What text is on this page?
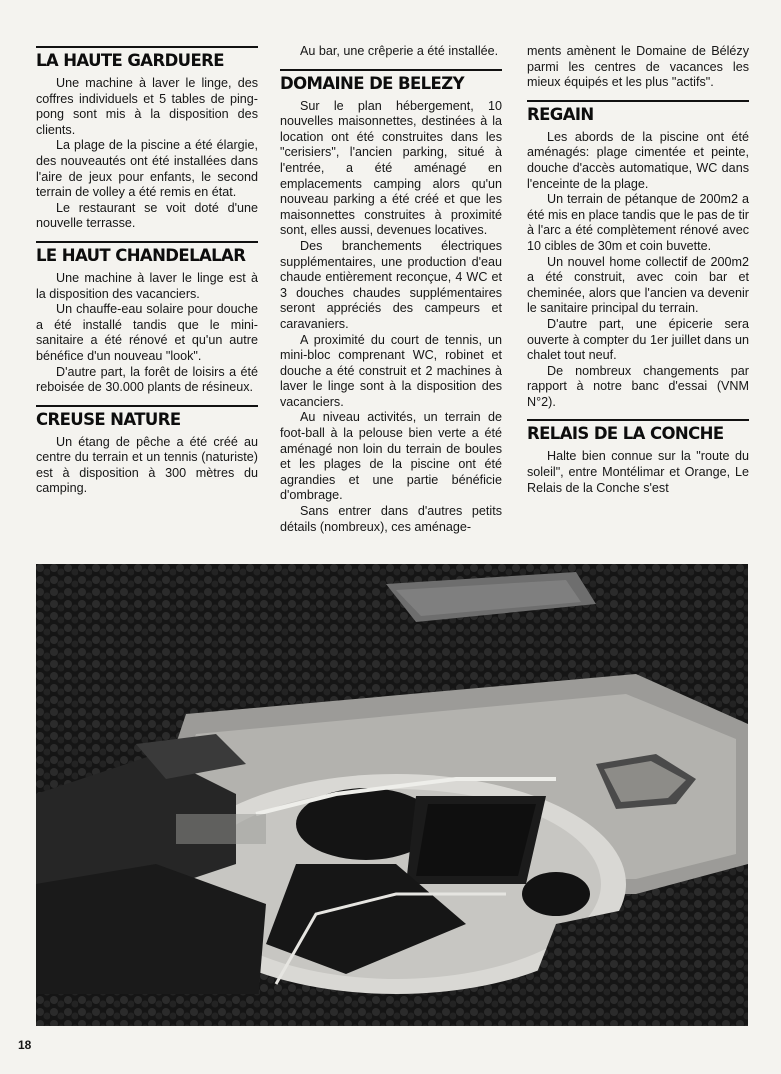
LA HAUTE GARDUERE

Une machine à laver le linge, des coffres individuels et 5 tables de ping-pong sont mis à la disposition des clients.

La plage de la piscine a été élargie, des nouveautés ont été installées dans l'aire de jeux pour enfants, le second terrain de volley a été remis en état.

Le restaurant se voit doté d'une nouvelle terrasse.

LE HAUT CHANDELALAR

Une machine à laver le linge est à la disposition des vacanciers.

Un chauffe-eau solaire pour douche a été installé tandis que le mini-sanitaire a été rénové et qu'un autre bénéfice d'un nouveau "look".

D'autre part, la forêt de loisirs a été reboisée de 30.000 plants de résineux.

CREUSE NATURE

Un étang de pêche a été créé au centre du terrain et un tennis (naturiste) est à disposition à 300 mètres du camping.

Au bar, une crêperie a été installée.

DOMAINE DE BELEZY

Sur le plan hébergement, 10 nouvelles maisonnettes, destinées à la location ont été construites dans les "cerisiers", l'ancien parking, situé à l'entrée, a été aménagé en emplacements camping alors qu'un nouveau parking a été créé et que les maisonnettes construites à proximité sont, elles aussi, devenues locatives.

Des branchements électriques supplémentaires, une production d'eau chaude entièrement reconçue, 4 WC et 3 douches chaudes supplémentaires seront appréciés des campeurs et caravaniers.

A proximité du court de tennis, un mini-bloc comprenant WC, robinet et douche a été construit et 2 machines à laver le linge sont à la disposition des vacanciers.

Au niveau activités, un terrain de foot-ball à la pelouse bien verte a été aménagé non loin du terrain de boules et les plages de la piscine ont été agrandies et une partie bénéficie d'ombrage.

Sans entrer dans d'autres petits détails (nombreux), ces aménage-

ments amènent le Domaine de Bélézy parmi les centres de vacances les mieux équipés et les plus "actifs".

REGAIN

Les abords de la piscine ont été aménagés: plage cimentée et peinte, douche d'accès automatique, WC dans l'enceinte de la plage.

Un terrain de pétanque de 200m2 a été mis en place tandis que le pas de tir à l'arc a été complètement rénové avec 10 cibles de 30m et coin buvette.

Un nouvel home collectif de 200m2 a été construit, avec coin bar et cheminée, alors que l'ancien va devenir le sanitaire principal du terrain.

D'autre part, une épicerie sera ouverte à compter du 1er juillet dans un chalet tout neuf.

De nombreux changements par rapport à notre banc d'essai (VNM N°2).

RELAIS DE LA CONCHE

Halte bien connue sur la "route du soleil", entre Montélimar et Orange, Le Relais de la Conche s'est

18
